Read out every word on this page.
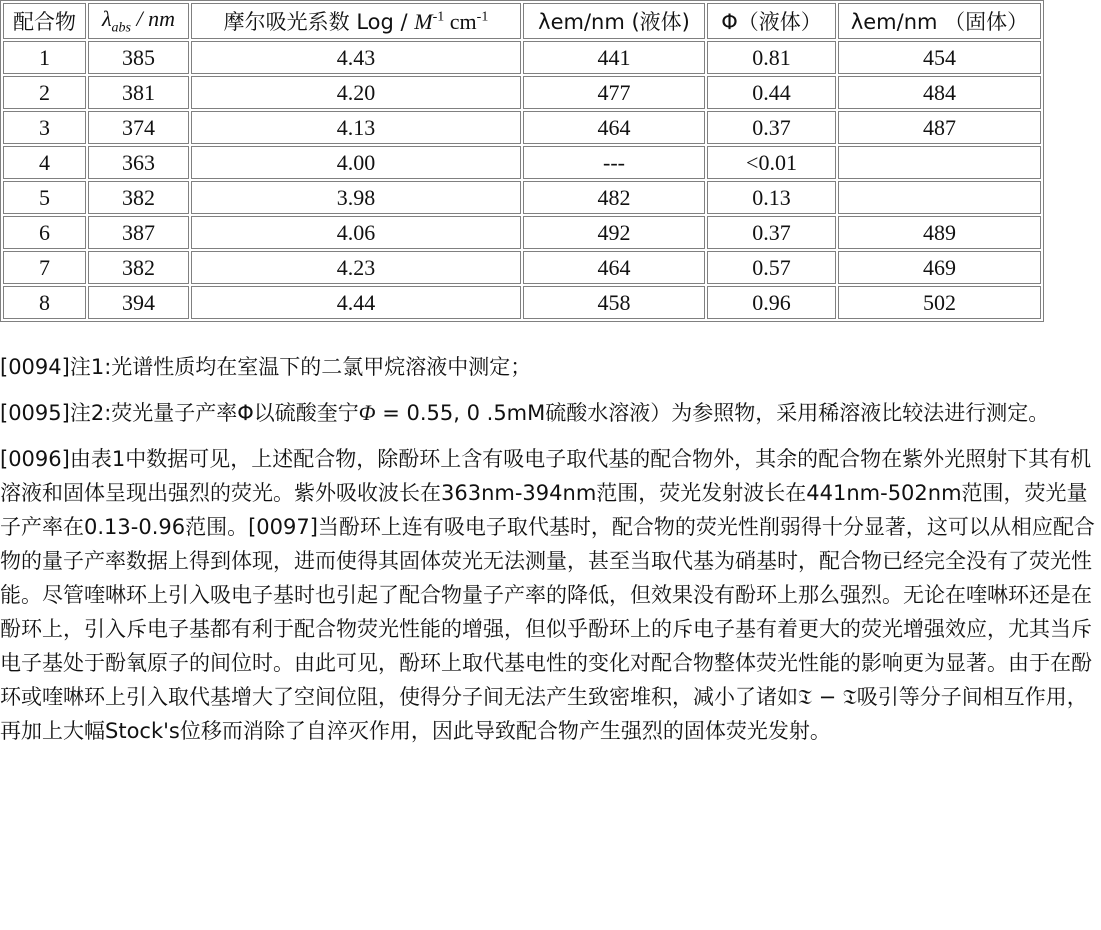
配合物	$\lambda_{abs}$ / nm	摩尔吸光系数 Log / $M^{-1}$ $cm^{-1}$	λem/nm (液体)	Φ（液体）	λem/nm （固体）
1	385	4.43	441	0.81	454
2	381	4.20	477	0.44	484
3	374	4.13	464	0.37	487
4	363	4.00	---	<0.01	
5	382	3.98	482	0.13	
6	387	4.06	492	0.37	489
7	382	4.23	464	0.57	469
8	394	4.44	458	0.96	502

[0094]注1:光谱性质均在室温下的二氯甲烷溶液中测定；

[0095]注2:荧光量子产率Φ以硫酸奎宁Φ = 0.55, 0 .5mM硫酸水溶液）为参照物，采用稀溶液比较法进行测定。

[0096]由表1中数据可见，上述配合物，除酚环上含有吸电子取代基的配合物外，其余的配合物在紫外光照射下其有机溶液和固体呈现出强烈的荧光。紫外吸收波长在363nm-394nm范围，荧光发射波长在441nm-502nm范围，荧光量子产率在0.13-0.96范围。[0097]当酚环上连有吸电子取代基时，配合物的荧光性削弱得十分显著，这可以从相应配合物的量子产率数据上得到体现，进而使得其固体荧光无法测量，甚至当取代基为硝基时，配合物已经完全没有了荧光性能。尽管喹啉环上引入吸电子基时也引起了配合物量子产率的降低，但效果没有酚环上那么强烈。无论在喹啉环还是在酚环上，引入斥电子基都有利于配合物荧光性能的增强，但似乎酚环上的斥电子基有着更大的荧光增强效应，尤其当斥电子基处于酚氧原子的间位时。由此可见，酚环上取代基电性的变化对配合物整体荧光性能的影响更为显著。由于在酚环或喹啉环上引入取代基增大了空间位阻，使得分子间无法产生致密堆积，减小了诸如𝔗 − 𝔗吸引等分子间相互作用，再加上大幅Stock's位移而消除了自淬灭作用，因此导致配合物产生强烈的固体荧光发射。
